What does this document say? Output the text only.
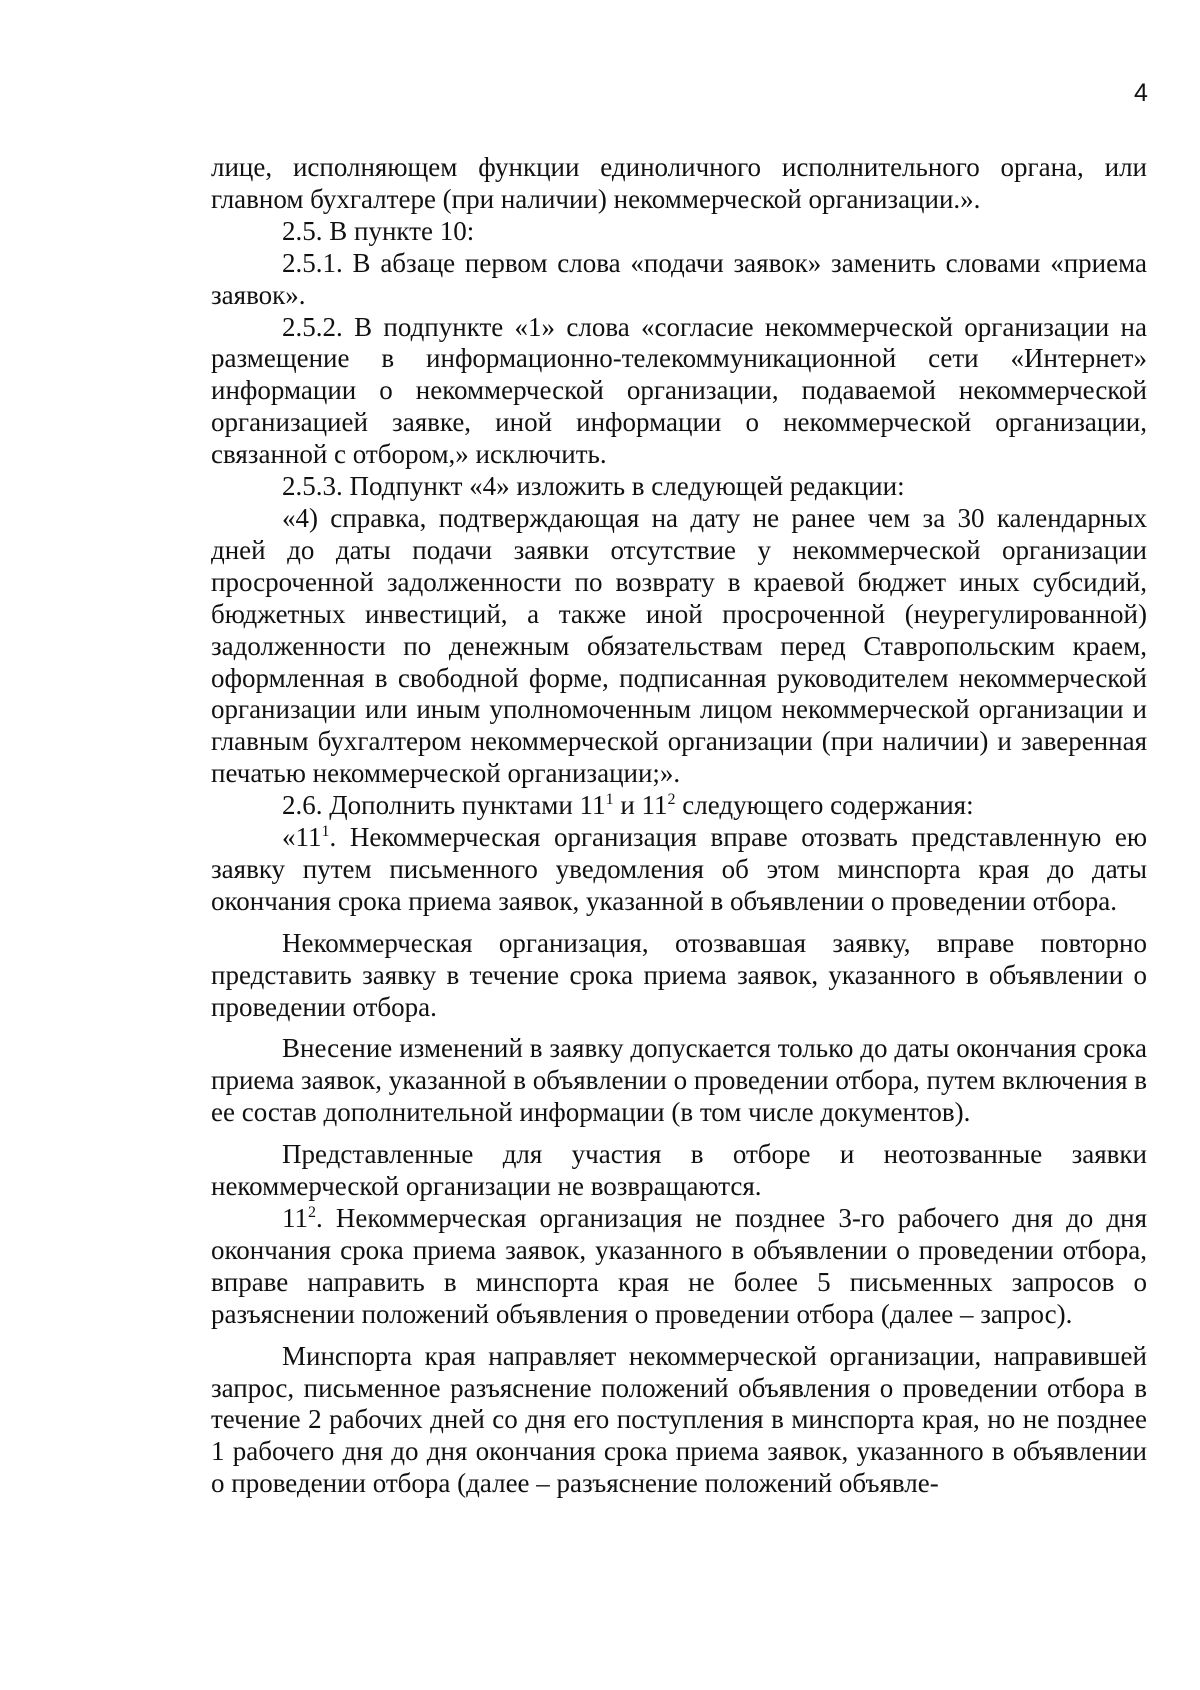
4

лице, исполняющем функции единоличного исполнительного органа, или главном бухгалтере (при наличии) некоммерческой организации.».

2.5. В пункте 10:

2.5.1. В абзаце первом слова «подачи заявок» заменить словами «приема заявок».

2.5.2. В подпункте «1» слова «согласие некоммерческой организации на размещение в информационно-телекоммуникационной сети «Интернет» информации о некоммерческой организации, подаваемой некоммерческой организацией заявке, иной информации о некоммерческой организации, связанной с отбором,» исключить.

2.5.3. Подпункт «4» изложить в следующей редакции:

«4) справка, подтверждающая на дату не ранее чем за 30 календарных дней до даты подачи заявки отсутствие у некоммерческой организации просроченной задолженности по возврату в краевой бюджет иных субсидий, бюджетных инвестиций, а также иной просроченной (неурегулированной) задолженности по денежным обязательствам перед Ставропольским краем, оформленная в свободной форме, подписанная руководителем некоммерческой организации или иным уполномоченным лицом некоммерческой организации и главным бухгалтером некоммерческой организации (при наличии) и заверенная печатью некоммерческой организации;».

2.6. Дополнить пунктами $11^1$ и $11^2$ следующего содержания:

«$11^1$. Некоммерческая организация вправе отозвать представленную ею заявку путем письменного уведомления об этом минспорта края до даты окончания срока приема заявок, указанной в объявлении о проведении отбора.

Некоммерческая организация, отозвавшая заявку, вправе повторно представить заявку в течение срока приема заявок, указанного в объявлении о проведении отбора.

Внесение изменений в заявку допускается только до даты окончания срока приема заявок, указанной в объявлении о проведении отбора, путем включения в ее состав дополнительной информации (в том числе документов).

Представленные для участия в отборе и неотозванные заявки некоммерческой организации не возвращаются.

$11^2$. Некоммерческая организация не позднее 3-го рабочего дня до дня окончания срока приема заявок, указанного в объявлении о проведении отбора, вправе направить в минспорта края не более 5 письменных запросов о разъяснении положений объявления о проведении отбора (далее – запрос).

Минспорта края направляет некоммерческой организации, направившей запрос, письменное разъяснение положений объявления о проведении отбора в течение 2 рабочих дней со дня его поступления в минспорта края, но не позднее 1 рабочего дня до дня окончания срока приема заявок, указанного в объявлении о проведении отбора (далее – разъяснение положений объявле-
